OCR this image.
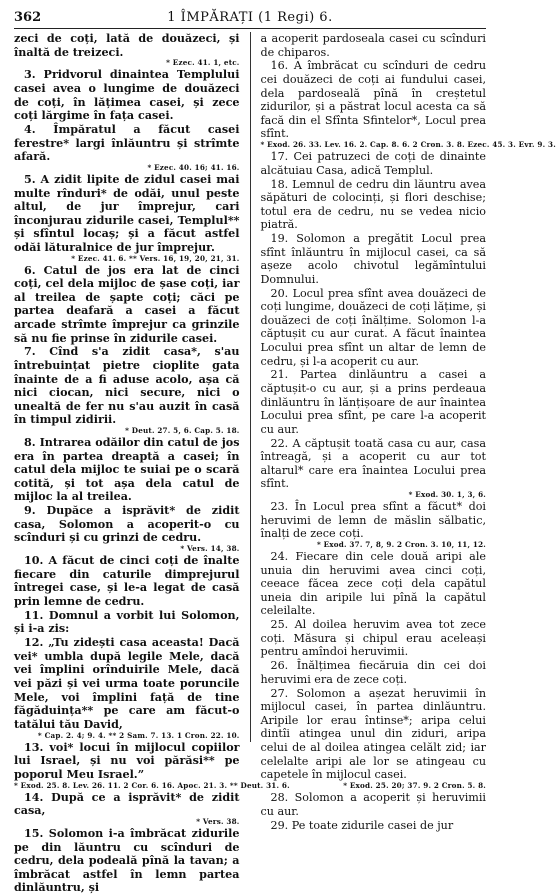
362	1 ÎMPĂRAȚI (1 Regi) 6.

zeci de coți, lată de douăzeci, și înaltă de treizeci.

* Ezec. 41. 1, etc.

3. Pridvorul dinaintea Templului casei avea o lungime de douăzeci de coți, în lățimea casei, și zece coți lărgime în fața casei.

4. Împăratul a făcut casei ferestre* largi înlăuntru și strîmte afară.

* Ezec. 40. 16; 41. 16.

5. A zidit lipite de zidul casei mai multe rînduri* de odăi, unul peste altul, de jur împrejur, cari înconjurau zidurile casei, Templul** și sfîntul locaș; și a făcut astfel odăi lăturalnice de jur împrejur.

* Ezec. 41. 6. ** Vers. 16, 19, 20, 21, 31.

6. Catul de jos era lat de cinci coți, cel dela mijloc de șase coți, iar al treilea de șapte coți; căci pe partea deafară a casei a făcut arcade strîmte împrejur ca grinzile să nu fie prinse în zidurile casei.

7. Cînd s'a zidit casa*, s'au întrebuințat pietre cioplite gata înainte de a fi aduse acolo, așa că nici ciocan, nici secure, nici o unealtă de fer nu s'au auzit în casă în timpul zidirii.

* Deut. 27. 5, 6. Cap. 5. 18.

8. Intrarea odăilor din catul de jos era în partea dreaptă a casei; în catul dela mijloc te suiai pe o scară cotită, și tot așa dela catul de mijloc la al treilea.

9. Dupăce a isprăvit* de zidit casa, Solomon a acoperit-o cu scînduri și cu grinzi de cedru.

* Vers. 14, 38.

10. A făcut de cinci coți de înalte fiecare din caturile dimprejurul întregei case, și le-a legat de casă prin lemne de cedru.

11. Domnul a vorbit lui Solomon, și i-a zis:

12. „Tu zidești casa aceasta! Dacă vei* umbla după legile Mele, dacă vei împlini orînduirile Mele, dacă vei păzi și vei urma toate poruncile Mele, voi împlini față de tine făgăduința** pe care am făcut-o tatălui tău David,

* Cap. 2. 4; 9. 4. ** 2 Sam. 7. 13. 1 Cron. 22. 10.

13. voi* locui în mijlocul copiilor lui Israel, și nu voi părăsi** pe poporul Meu Israel.”

* Exod. 25. 8. Lev. 26. 11. 2 Cor. 6. 16. Apoc. 21. 3. ** Deut. 31. 6.

14. După ce a isprăvit* de zidit casa,

* Vers. 38.

15. Solomon i-a îmbrăcat zidurile pe din lăuntru cu scînduri de cedru, dela podeală pînă la tavan; a îmbrăcat astfel în lemn partea dinlăuntru, și

a acoperit pardoseala casei cu scînduri de chiparos.

16. A îmbrăcat cu scînduri de cedru cei douăzeci de coți ai fundului casei, dela pardoseală pînă în creștetul zidurilor, și a păstrat locul acesta ca să facă din el Sfînta Sfintelor*, Locul prea sfînt.

* Exod. 26. 33. Lev. 16. 2. Cap. 8. 6. 2 Cron. 3. 8. Ezec. 45. 3. Evr. 9. 3.

17. Cei patruzeci de coți de dinainte alcătuiau Casa, adică Templul.

18. Lemnul de cedru din lăuntru avea săpături de colocinți, și flori deschise; totul era de cedru, nu se vedea nicio piatră.

19. Solomon a pregătit Locul prea sfînt înlăuntru în mijlocul casei, ca să așeze acolo chivotul legămîntului Domnului.

20. Locul prea sfînt avea douăzeci de coți lungime, douăzeci de coți lățime, și douăzeci de coți înălțime. Solomon l-a căptușit cu aur curat. A făcut înaintea Locului prea sfînt un altar de lemn de cedru, și l-a acoperit cu aur.

21. Partea dinlăuntru a casei a căptușit-o cu aur, și a prins perdeaua dinlăuntru în lănțișoare de aur înaintea Locului prea sfînt, pe care l-a acoperit cu aur.

22. A căptușit toată casa cu aur, casa întreagă, și a acoperit cu aur tot altarul* care era înaintea Locului prea sfînt.

* Exod. 30. 1, 3, 6.

23. În Locul prea sfînt a făcut* doi heruvimi de lemn de măslin sălbatic, înalți de zece coți.

* Exod. 37. 7, 8, 9. 2 Cron. 3. 10, 11, 12.

24. Fiecare din cele două aripi ale unuia din heruvimi avea cinci coți, ceeace făcea zece coți dela capătul uneia din aripile lui pînă la capătul celeilalte.

25. Al doilea heruvim avea tot zece coți. Măsura și chipul erau aceleași pentru amîndoi heruvimii.

26. Înălțimea fiecăruia din cei doi heruvimi era de zece coți.

27. Solomon a așezat heruvimii în mijlocul casei, în partea dinlăuntru. Aripile lor erau întinse*; aripa celui dintîi atingea unul din ziduri, aripa celui de al doilea atingea celălt zid; iar celelalte aripi ale lor se atingeau cu capetele în mijlocul casei.

* Exod. 25. 20; 37. 9. 2 Cron. 5. 8.

28. Solomon a acoperit și heruvimii cu aur.

29. Pe toate zidurile casei de jur
